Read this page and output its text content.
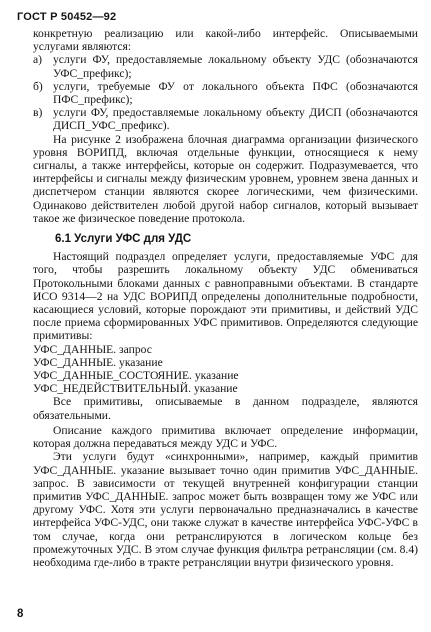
ГОСТ Р 50452—92

конкретную реализацию или какой-либо интерфейс. Описываемыми услугами являются:

а) услуги ФУ, предоставляемые локальному объекту УДС (обозначаются УФС_префикс);
б) услуги, требуемые ФУ от локального объекта ПФС (обозначаются ПФС_префикс);
в) услуги ФУ, предоставляемые локальному объекту ДИСП (обозначаются ДИСП_УФС_префикс).

На рисунке 2 изображена блочная диаграмма организации физического уровня ВОРИПД, включая отдельные функции, относящиеся к нему сигналы, а также интерфейсы, которые он содержит. Подразумевается, что интерфейсы и сигналы между физическим уровнем, уровнем звена данных и диспетчером станции являются скорее логическими, чем физическими. Одинаково действителен любой другой набор сигналов, который вызывает такое же физическое поведение протокола.

6.1 Услуги УФС для УДС

Настоящий подраздел определяет услуги, предоставляемые УФС для того, чтобы разрешить локальному объекту УДС обмениваться Протокольными блоками данных с равноправными объектами. В стандарте ИСО 9314—2 на УДС ВОРИПД определены дополнительные подробности, касающиеся условий, которые порождают эти примитивы, и действий УДС после приема сформированных УФС примитивов. Определяются следующие примитивы:

УФС_ДАННЫЕ. запрос

УФС_ДАННЫЕ. указание

УФС_ДАННЫЕ_СОСТОЯНИЕ. указание

УФС_НЕДЕЙСТВИТЕЛЬНЫЙ. указание

Все примитивы, описываемые в данном подразделе, являются обязательными.

Описание каждого примитива включает определение информации, которая должна передаваться между УДС и УФС.

Эти услуги будут «синхронными», например, каждый примитив УФС_ДАННЫЕ. указание вызывает точно один примитив УФС_ДАННЫЕ. запрос. В зависимости от текущей внутренней конфигурации станции примитив УФС_ДАННЫЕ. запрос может быть возвращен тому же УФС или другому УФС. Хотя эти услуги первоначально предназначались в качестве интерфейса УФС-УДС, они также служат в качестве интерфейса УФС-УФС в том случае, когда они ретранслируются в логическом кольце без промежуточных УДС. В этом случае функция фильтра ретрансляции (см. 8.4) необходима где-либо в тракте ретрансляции внутри физического уровня.

8
